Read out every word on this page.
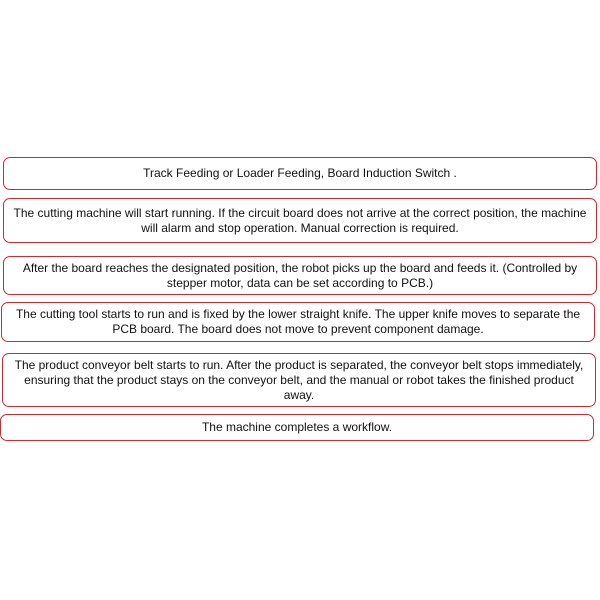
Track Feeding or Loader Feeding, Board Induction Switch .
The cutting machine will start running. If the circuit board does not arrive at the correct position, the machine will alarm and stop operation. Manual correction is required.
After the board reaches the designated position, the robot picks up the board and feeds it. (Controlled by stepper motor, data can be set according to PCB.)
The cutting tool starts to run and is fixed by the lower straight knife. The upper knife moves to separate the PCB board. The board does not move to prevent component damage.
The product conveyor belt starts to run. After the product is separated, the conveyor belt stops immediately, ensuring that the product stays on the conveyor belt, and the manual or robot takes the finished product away.
The machine completes a workflow.
